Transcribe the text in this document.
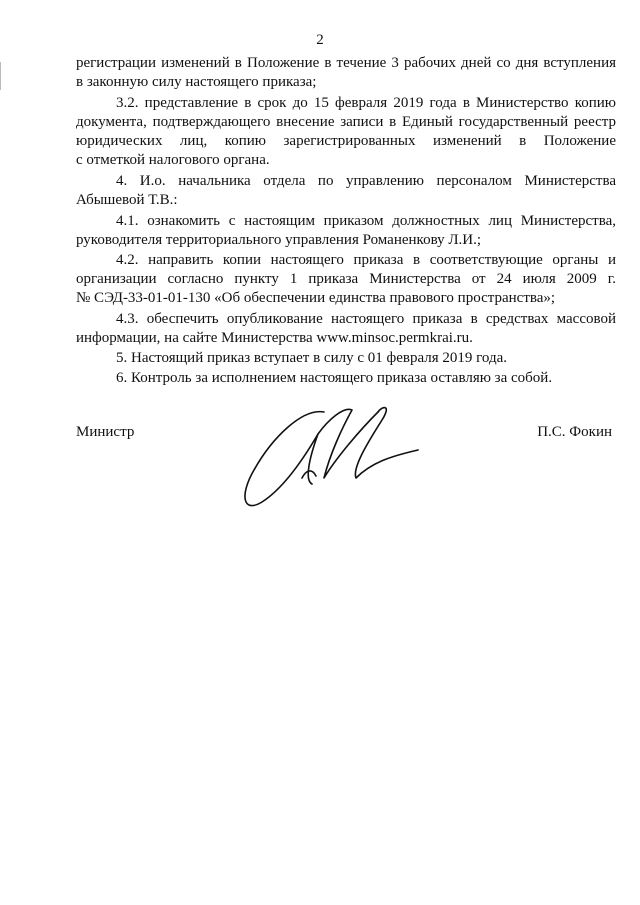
2
регистрации изменений в Положение в течение 3 рабочих дней со дня вступления
в законную силу настоящего приказа;
3.2. представление в срок до 15 февраля 2019 года в Министерство копию
документа, подтверждающего внесение записи в Единый государственный реестр
юридических лиц, копию зарегистрированных изменений в Положение
с отметкой налогового органа.
4. И.о. начальника отдела по управлению персоналом Министерства
Абышевой Т.В.:
4.1. ознакомить с настоящим приказом должностных лиц Министерства,
руководителя территориального управления Романенкову Л.И.;
4.2. направить копии настоящего приказа в соответствующие органы и
организации согласно пункту 1 приказа Министерства от 24 июля 2009 г.
№ СЭД-33-01-01-130 «Об обеспечении единства правового пространства»;
4.3. обеспечить опубликование настоящего приказа в средствах массовой
информации, на сайте Министерства www.minsoc.permkrai.ru.
5. Настоящий приказ вступает в силу с 01 февраля 2019 года.
6. Контроль за исполнением настоящего приказа оставляю за собой.
Министр	П.С. Фокин
